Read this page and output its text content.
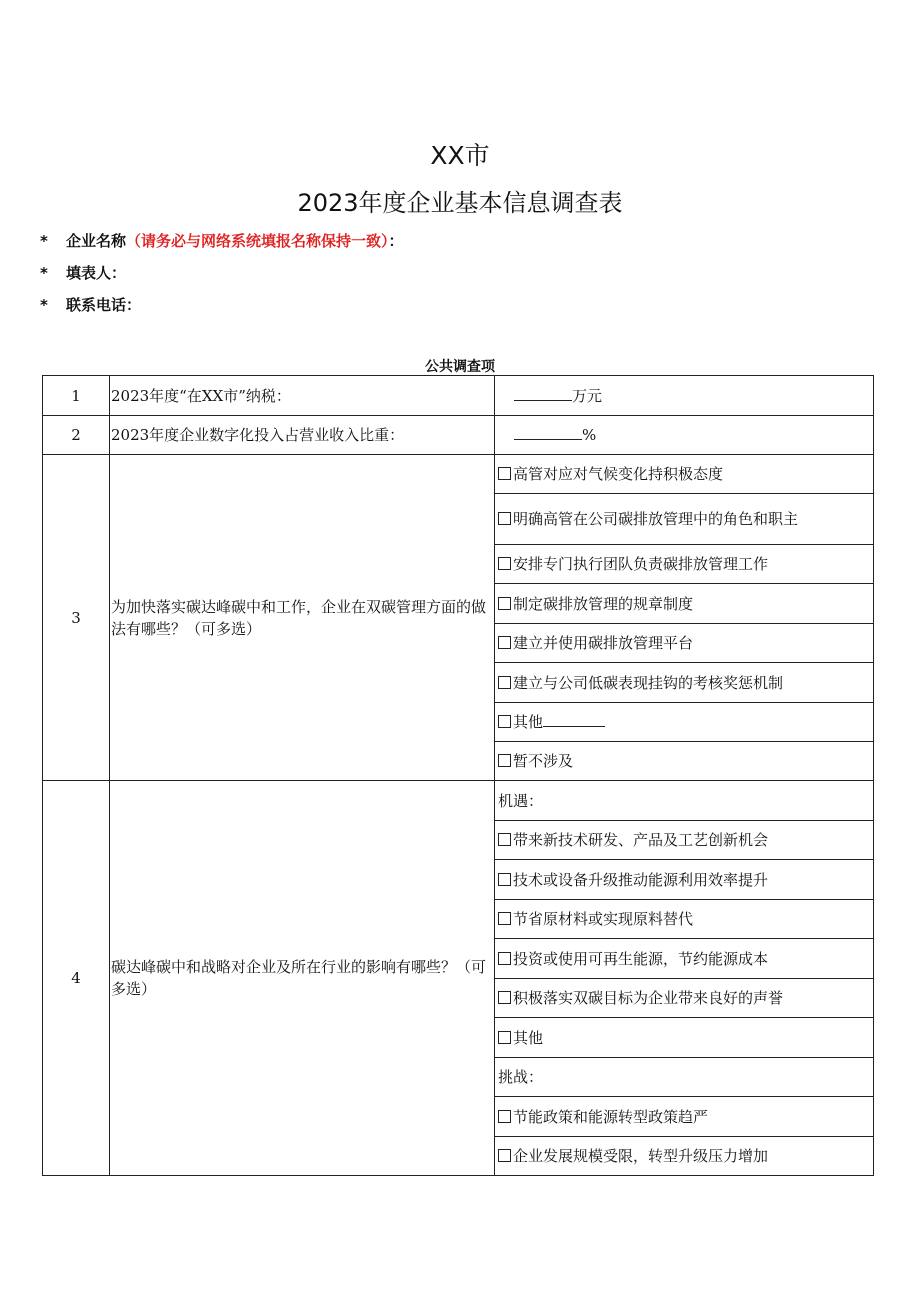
XX市
2023年度企业基本信息调查表
* 企业名称（请务必与网络系统填报名称保持一致）：
* 填表人：
* 联系电话：
公共调查项
1	2023年度“在XX市”纳税：	万元
2	2023年度企业数字化投入占营业收入比重：	%
3	为加快落实碳达峰碳中和工作，企业在双碳管理方面的做法有哪些？（可多选）	高管对应对气候变化持积极态度
		明确高管在公司碳排放管理中的角色和职主
		安排专门执行团队负责碳排放管理工作
		制定碳排放管理的规章制度
		建立并使用碳排放管理平台
		建立与公司低碳表现挂钩的考核奖惩机制
		其他
		暂不涉及
4	碳达峰碳中和战略对企业及所在行业的影响有哪些？（可多选）	机遇：
		带来新技术研发、产品及工艺创新机会
		技术或设备升级推动能源利用效率提升
		节省原材料或实现原料替代
		投资或使用可再生能源，节约能源成本
		积极落实双碳目标为企业带来良好的声誉
		其他
		挑战：
		节能政策和能源转型政策趋严
		企业发展规模受限，转型升级压力增加
